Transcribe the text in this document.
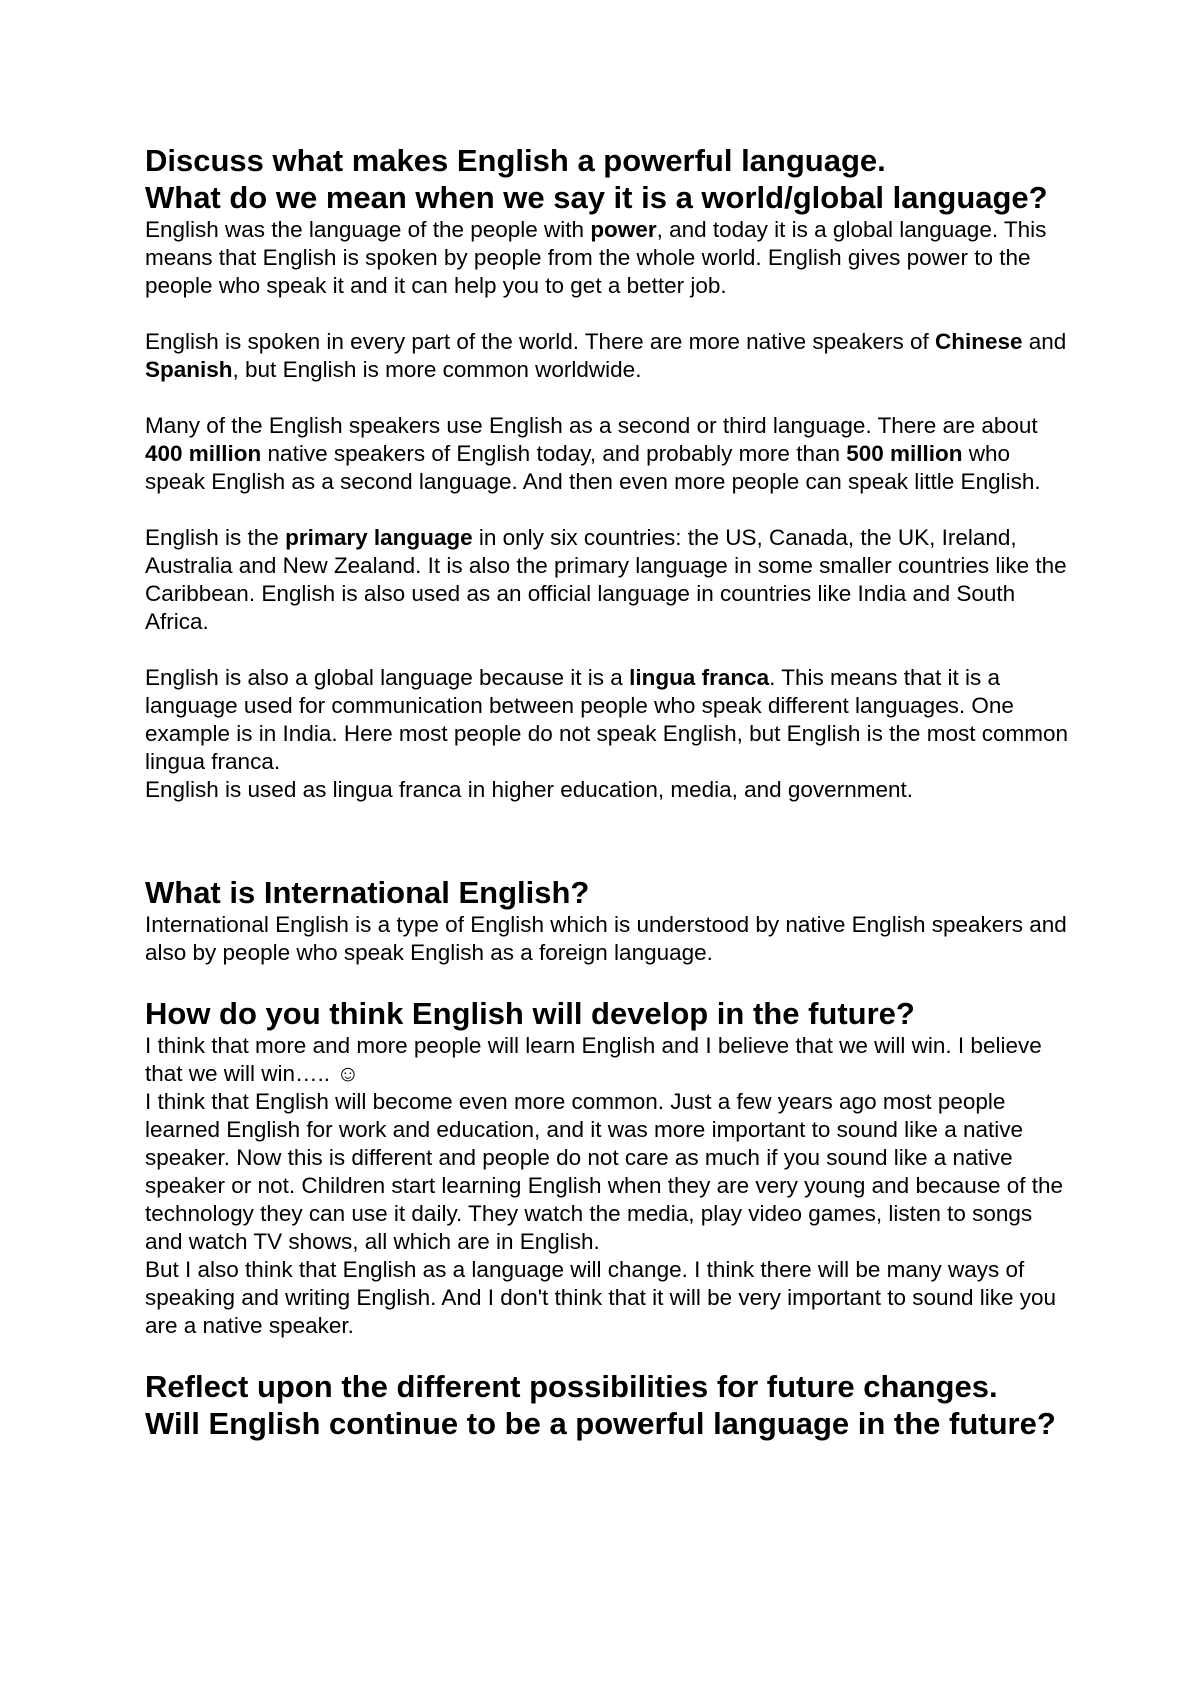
Discuss what makes English a powerful language.
What do we mean when we say it is a world/global language?

English was the language of the people with power, and today it is a global language. This means that English is spoken by people from the whole world. English gives power to the people who speak it and it can help you to get a better job.

English is spoken in every part of the world. There are more native speakers of Chinese and Spanish, but English is more common worldwide.

Many of the English speakers use English as a second or third language. There are about 400 million native speakers of English today, and probably more than 500 million who speak English as a second language. And then even more people can speak little English.

English is the primary language in only six countries: the US, Canada, the UK, Ireland, Australia and New Zealand. It is also the primary language in some smaller countries like the Caribbean. English is also used as an official language in countries like India and South Africa.

English is also a global language because it is a lingua franca. This means that it is a language used for communication between people who speak different languages. One example is in India. Here most people do not speak English, but English is the most common lingua franca.

English is used as lingua franca in higher education, media, and government.

What is International English?

International English is a type of English which is understood by native English speakers and also by people who speak English as a foreign language.

How do you think English will develop in the future?

I think that more and more people will learn English and I believe that we will win. I believe that we will win….. ☺

I think that English will become even more common. Just a few years ago most people learned English for work and education, and it was more important to sound like a native speaker. Now this is different and people do not care as much if you sound like a native speaker or not. Children start learning English when they are very young and because of the technology they can use it daily. They watch the media, play video games, listen to songs and watch TV shows, all which are in English.

But I also think that English as a language will change. I think there will be many ways of speaking and writing English. And I don't think that it will be very important to sound like you are a native speaker.

Reflect upon the different possibilities for future changes.
Will English continue to be a powerful language in the future?
